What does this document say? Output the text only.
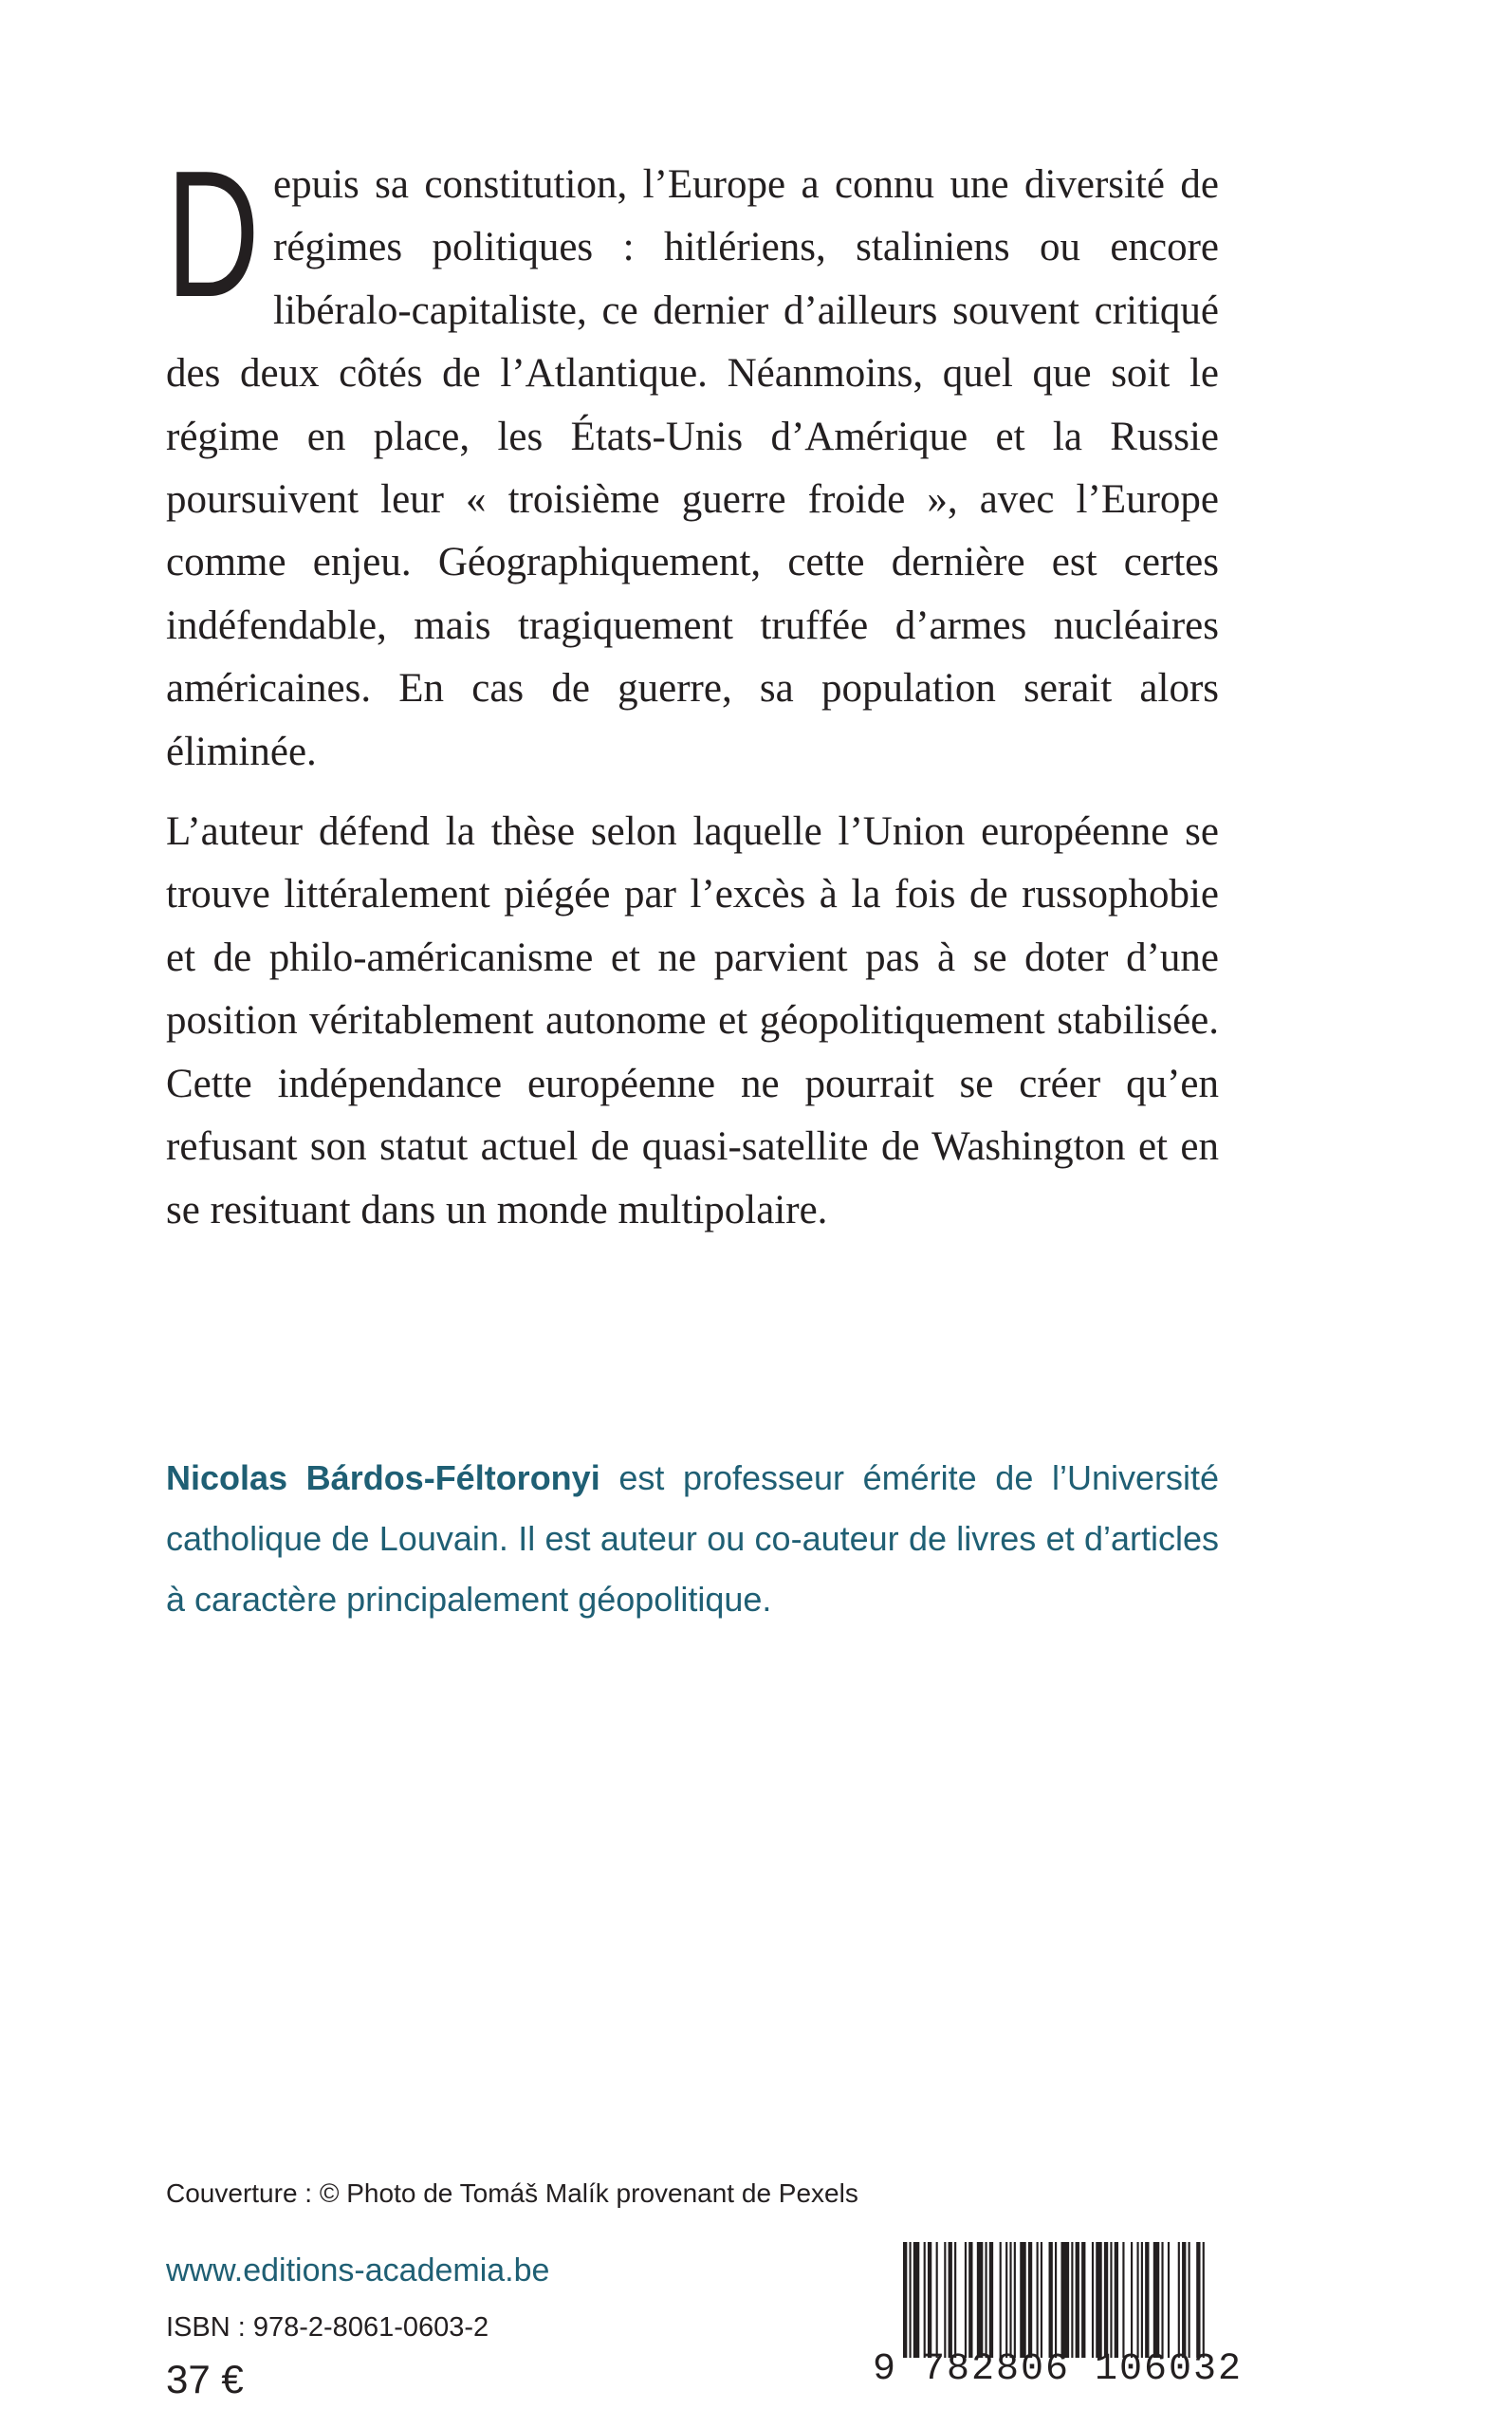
Depuis sa constitution, l’Europe a connu une diversité de régimes politiques : hitlériens, staliniens ou encore libéralo-capitaliste, ce dernier d’ailleurs souvent critiqué des deux côtés de l’Atlantique. Néanmoins, quel que soit le régime en place, les États-Unis d’Amérique et la Russie poursuivent leur « troisième guerre froide », avec l’Europe comme enjeu. Géographiquement, cette dernière est certes indéfendable, mais tragiquement truffée d’armes nucléaires américaines. En cas de guerre, sa population serait alors éliminée.

L’auteur défend la thèse selon laquelle l’Union européenne se trouve littéralement piégée par l’excès à la fois de russophobie et de philo-américanisme et ne parvient pas à se doter d’une position véritablement autonome et géopolitiquement stabilisée. Cette indépendance européenne ne pourrait se créer qu’en refusant son statut actuel de quasi-satellite de Washington et en se resituant dans un monde multipolaire.

Nicolas Bárdos-Féltoronyi est professeur émérite de l’Université catholique de Louvain. Il est auteur ou co-auteur de livres et d’articles à caractère principalement géopolitique.
Couverture : © Photo de Tomáš Malík provenant de Pexels
www.editions-academia.be
ISBN : 978-2-8061-0603-2
37 €	9 782806 106032
